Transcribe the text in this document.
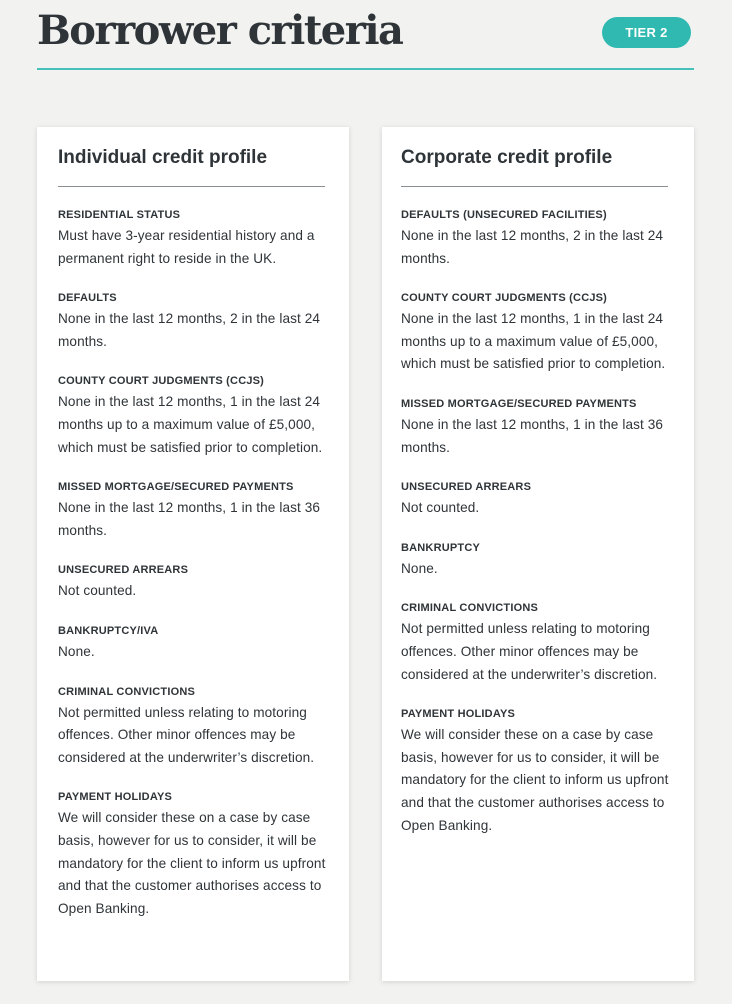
Borrower criteria	TIER 2
Individual credit profile
RESIDENTIAL STATUS
Must have 3-year residential history and a permanent right to reside in the UK.
DEFAULTS
None in the last 12 months, 2 in the last 24 months.
COUNTY COURT JUDGMENTS (CCJS)
None in the last 12 months, 1 in the last 24 months up to a maximum value of £5,000, which must be satisfied prior to completion.
MISSED MORTGAGE/SECURED PAYMENTS
None in the last 12 months, 1 in the last 36 months.
UNSECURED ARREARS
Not counted.
BANKRUPTCY/IVA
None.
CRIMINAL CONVICTIONS
Not permitted unless relating to motoring offences. Other minor offences may be considered at the underwriter’s discretion.
PAYMENT HOLIDAYS
We will consider these on a case by case basis, however for us to consider, it will be mandatory for the client to inform us upfront and that the customer authorises access to Open Banking.
Corporate credit profile
DEFAULTS (UNSECURED FACILITIES)
None in the last 12 months, 2 in the last 24 months.
COUNTY COURT JUDGMENTS (CCJS)
None in the last 12 months, 1 in the last 24 months up to a maximum value of £5,000, which must be satisfied prior to completion.
MISSED MORTGAGE/SECURED PAYMENTS
None in the last 12 months, 1 in the last 36 months.
UNSECURED ARREARS
Not counted.
BANKRUPTCY
None.
CRIMINAL CONVICTIONS
Not permitted unless relating to motoring offences. Other minor offences may be considered at the underwriter’s discretion.
PAYMENT HOLIDAYS
We will consider these on a case by case basis, however for us to consider, it will be mandatory for the client to inform us upfront and that the customer authorises access to Open Banking.
